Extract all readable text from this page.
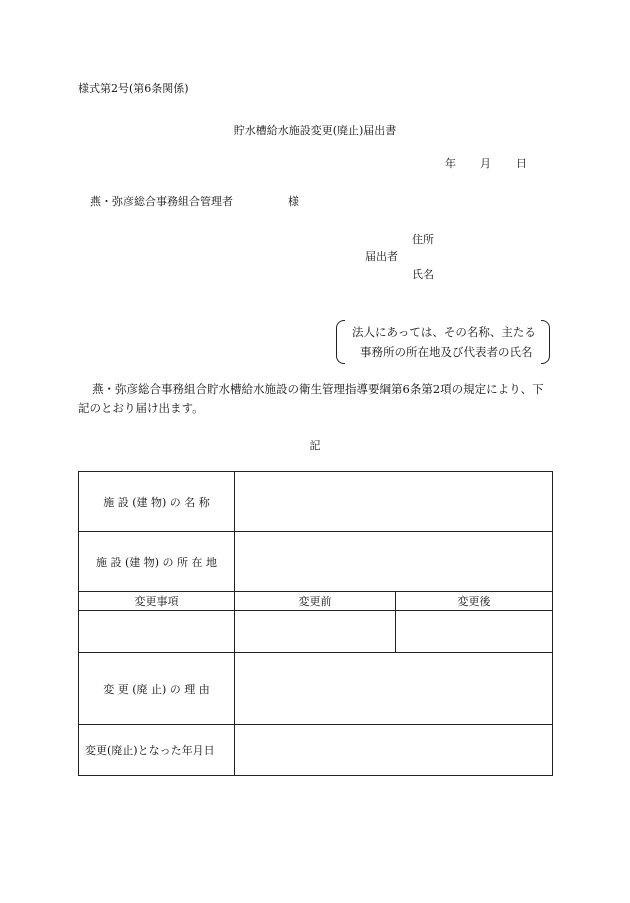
様式第2号(第6条関係)
貯水槽給水施設変更(廃止)届出書
年 月 日
燕・弥彦総合事務組合管理者	様
住所
届出者
氏名
法人にあっては、その名称、主たる
事務所の所在地及び代表者の氏名
燕・弥彦総合事務組合貯水槽給水施設の衛生管理指導要綱第6条第2項の規定により、下
記のとおり届け出ます。
記
施 設 (建 物) の 名 称		
施 設 (建 物) の 所 在 地		
変更事項	変更前	変更後

変 更 (廃 止) の 理 由		
変更(廃止)となった年月日		
